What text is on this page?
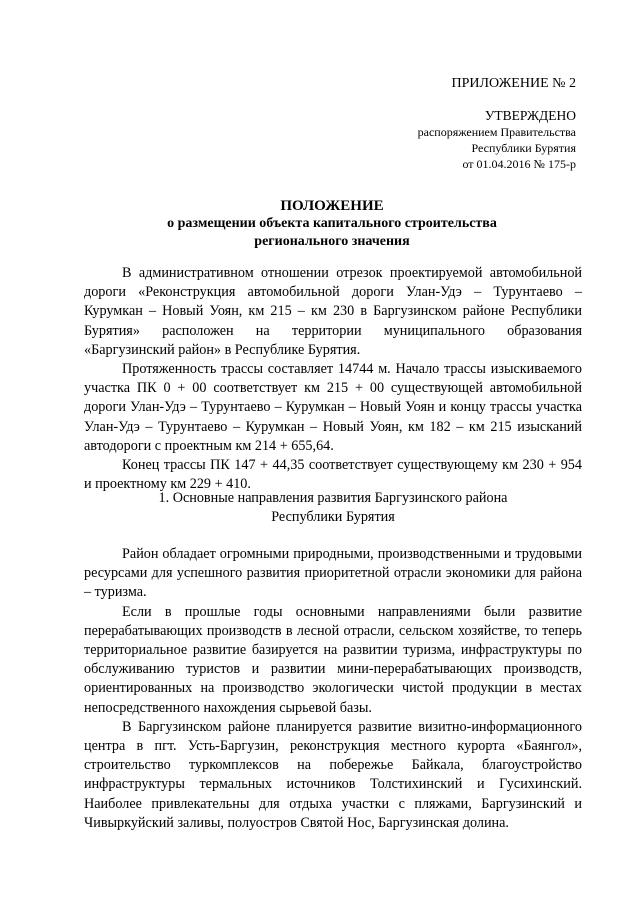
ПРИЛОЖЕНИЕ № 2
УТВЕРЖДЕНО
распоряжением Правительства
Республики Бурятия
от 01.04.2016 № 175-р
ПОЛОЖЕНИЕ
о размещении объекта капитального строительства
регионального значения

В административном отношении отрезок проектируемой автомобильной дороги «Реконструкция автомобильной дороги Улан-Удэ – Турунтаево – Курумкан – Новый Уоян, км 215 – км 230 в Баргузинском районе Республики Бурятия» расположен на территории муниципального образования «Баргузинский район» в Республике Бурятия.

Протяженность трассы составляет 14744 м. Начало трассы изыскиваемого участка ПК 0 + 00 соответствует км 215 + 00 существующей автомобильной дороги Улан-Удэ – Турунтаево – Курумкан – Новый Уоян и концу трассы участка Улан-Удэ – Турунтаево – Курумкан – Новый Уоян, км 182 – км 215 изысканий автодороги с проектным км 214 + 655,64.

Конец трассы ПК 147 + 44,35 соответствует существующему км 230 + 954 и проектному км 229 + 410.

1. Основные направления развития Баргузинского района
Республики Бурятия

Район обладает огромными природными, производственными и трудовыми ресурсами для успешного развития приоритетной отрасли экономики для района – туризма.

Если в прошлые годы основными направлениями были развитие перерабатывающих производств в лесной отрасли, сельском хозяйстве, то теперь территориальное развитие базируется на развитии туризма, инфраструктуры по обслуживанию туристов и развитии мини-перерабатывающих производств, ориентированных на производство экологически чистой продукции в местах непосредственного нахождения сырьевой базы.

В Баргузинском районе планируется развитие визитно-информационного центра в пгт. Усть-Баргузин, реконструкция местного курорта «Баянгол», строительство туркомплексов на побережье Байкала, благоустройство инфраструктуры термальных источников Толстихинский и Гусихинский. Наиболее привлекательны для отдыха участки с пляжами, Баргузинский и Чивыркуйский заливы, полуостров Святой Нос, Баргузинская долина.
